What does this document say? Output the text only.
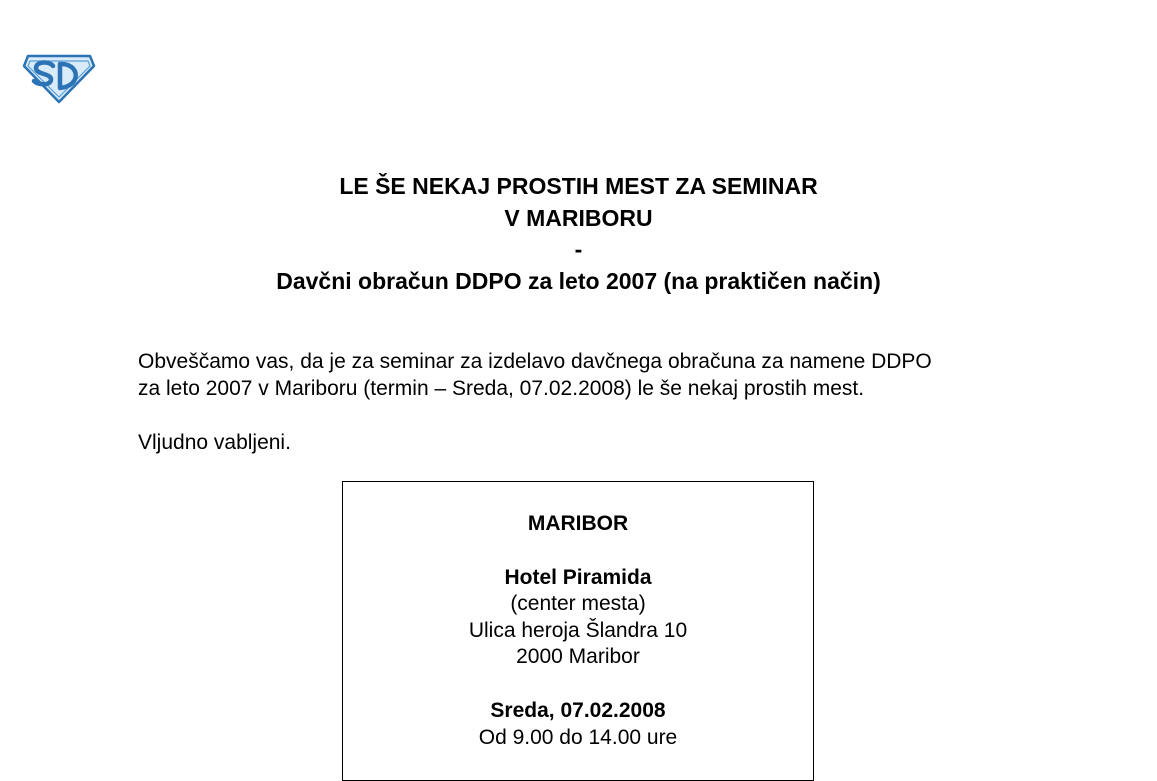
LE ŠE NEKAJ PROSTIH MEST ZA SEMINAR
V MARIBORU
-
Davčni obračun DDPO za leto 2007 (na praktičen način)

Obveščamo vas, da je za seminar za izdelavo davčnega obračuna za namene DDPO

za leto 2007 v Mariboru (termin – Sreda, 07.02.2008) le še nekaj prostih mest.

Vljudno vabljeni.
MARIBOR
Hotel Piramida
(center mesta)
Ulica heroja Šlandra 10
2000 Maribor
Sreda, 07.02.2008
Od 9.00 do 14.00 ure
